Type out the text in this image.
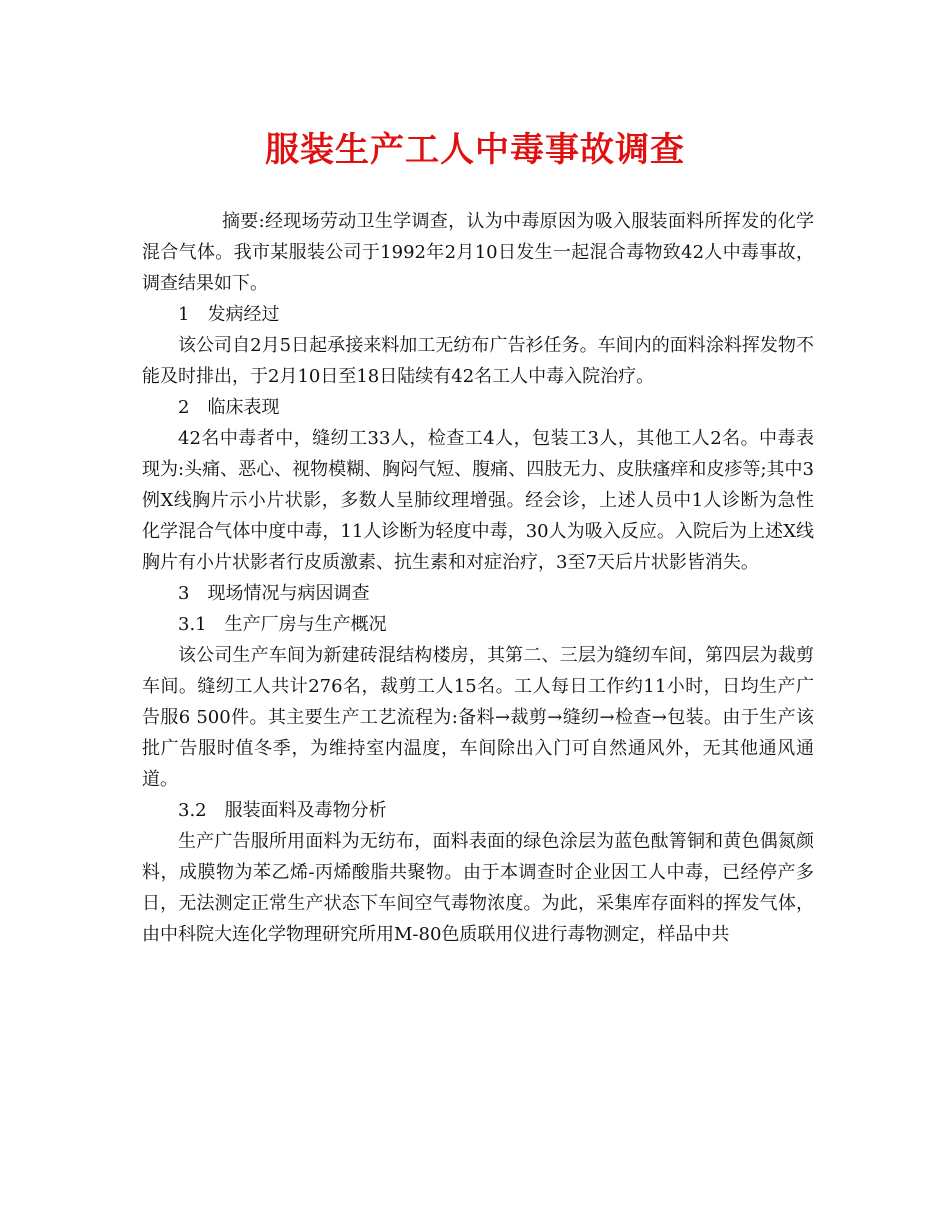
服装生产工人中毒事故调查

摘要:经现场劳动卫生学调查，认为中毒原因为吸入服装面料所挥发的化学混合气体。我市某服装公司于1992年2月10日发生一起混合毒物致42人中毒事故，调查结果如下。

1　发病经过

该公司自2月5日起承接来料加工无纺布广告衫任务。车间内的面料涂料挥发物不能及时排出，于2月10日至18日陆续有42名工人中毒入院治疗。

2　临床表现

42名中毒者中，缝纫工33人，检查工4人，包装工3人，其他工人2名。中毒表现为:头痛、恶心、视物模糊、胸闷气短、腹痛、四肢无力、皮肤瘙痒和皮疹等;其中3例X线胸片示小片状影，多数人呈肺纹理增强。经会诊，上述人员中1人诊断为急性化学混合气体中度中毒，11人诊断为轻度中毒，30人为吸入反应。入院后为上述X线胸片有小片状影者行皮质激素、抗生素和对症治疗，3至7天后片状影皆消失。

3　现场情况与病因调查

3.1　生产厂房与生产概况

该公司生产车间为新建砖混结构楼房，其第二、三层为缝纫车间，第四层为裁剪车间。缝纫工人共计276名，裁剪工人15名。工人每日工作约11小时，日均生产广告服6 500件。其主要生产工艺流程为:备料→裁剪→缝纫→检查→包装。由于生产该批广告服时值冬季，为维持室内温度，车间除出入门可自然通风外，无其他通风通道。

3.2　服装面料及毒物分析

生产广告服所用面料为无纺布，面料表面的绿色涂层为蓝色酞箐铜和黄色偶氮颜料，成膜物为苯乙烯-丙烯酸脂共聚物。由于本调查时企业因工人中毒，已经停产多日，无法测定正常生产状态下车间空气毒物浓度。为此，采集库存面料的挥发气体，由中科院大连化学物理研究所用M-80色质联用仪进行毒物测定，样品中共
